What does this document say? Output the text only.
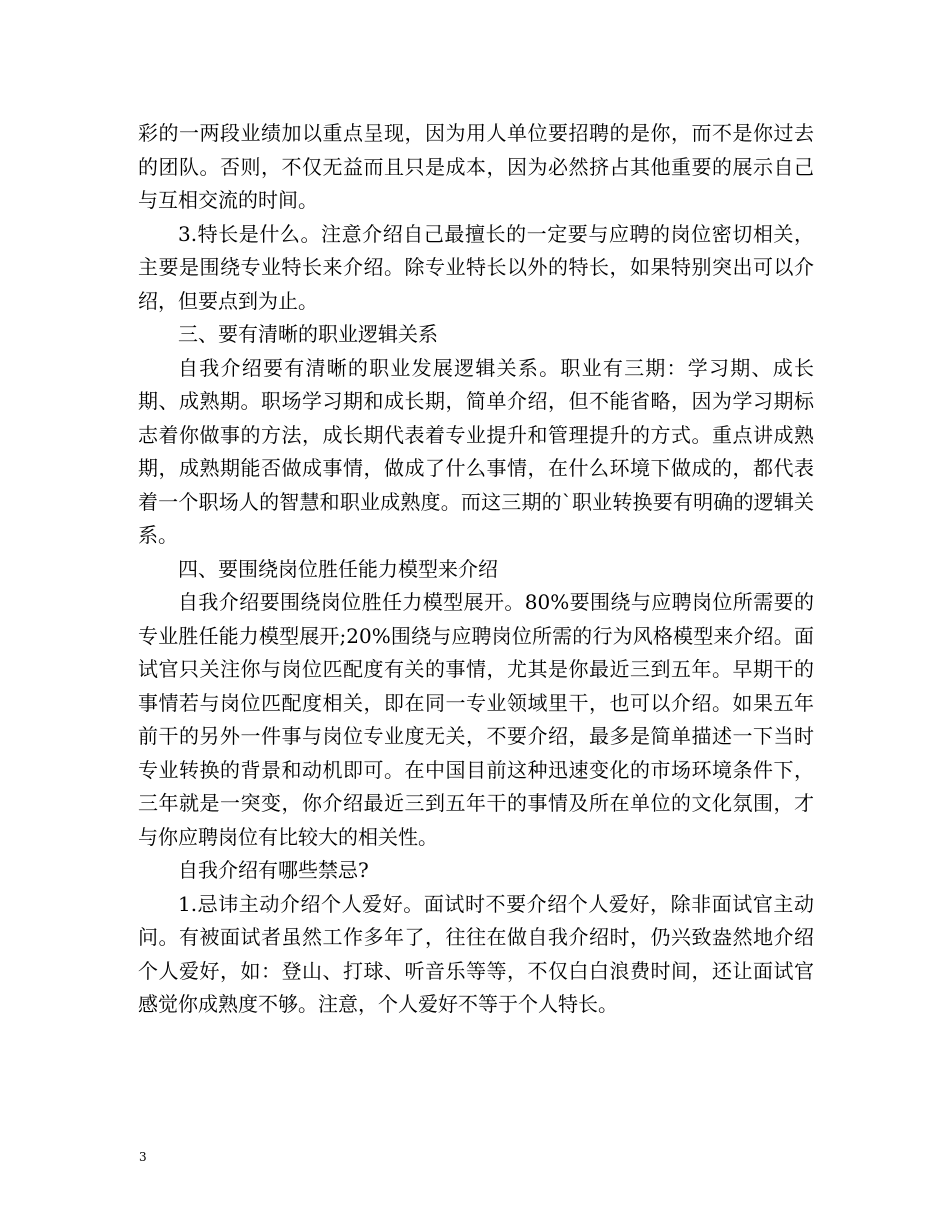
彩的一两段业绩加以重点呈现，因为用人单位要招聘的是你，而不是你过去的团队。否则，不仅无益而且只是成本，因为必然挤占其他重要的展示自己与互相交流的时间。

3.特长是什么。注意介绍自己最擅长的一定要与应聘的岗位密切相关，主要是围绕专业特长来介绍。除专业特长以外的特长，如果特别突出可以介绍，但要点到为止。

三、要有清晰的职业逻辑关系

自我介绍要有清晰的职业发展逻辑关系。职业有三期：学习期、成长期、成熟期。职场学习期和成长期，简单介绍，但不能省略，因为学习期标志着你做事的方法，成长期代表着专业提升和管理提升的方式。重点讲成熟期，成熟期能否做成事情，做成了什么事情，在什么环境下做成的，都代表着一个职场人的智慧和职业成熟度。而这三期的`职业转换要有明确的逻辑关系。

四、要围绕岗位胜任能力模型来介绍

自我介绍要围绕岗位胜任力模型展开。80%要围绕与应聘岗位所需要的专业胜任能力模型展开;20%围绕与应聘岗位所需的行为风格模型来介绍。面试官只关注你与岗位匹配度有关的事情，尤其是你最近三到五年。早期干的事情若与岗位匹配度相关，即在同一专业领域里干，也可以介绍。如果五年前干的另外一件事与岗位专业度无关，不要介绍，最多是简单描述一下当时专业转换的背景和动机即可。在中国目前这种迅速变化的市场环境条件下，三年就是一突变，你介绍最近三到五年干的事情及所在单位的文化氛围，才与你应聘岗位有比较大的相关性。

自我介绍有哪些禁忌?

1.忌讳主动介绍个人爱好。面试时不要介绍个人爱好，除非面试官主动问。有被面试者虽然工作多年了，往往在做自我介绍时，仍兴致盎然地介绍个人爱好，如：登山、打球、听音乐等等，不仅白白浪费时间，还让面试官感觉你成熟度不够。注意，个人爱好不等于个人特长。

3
